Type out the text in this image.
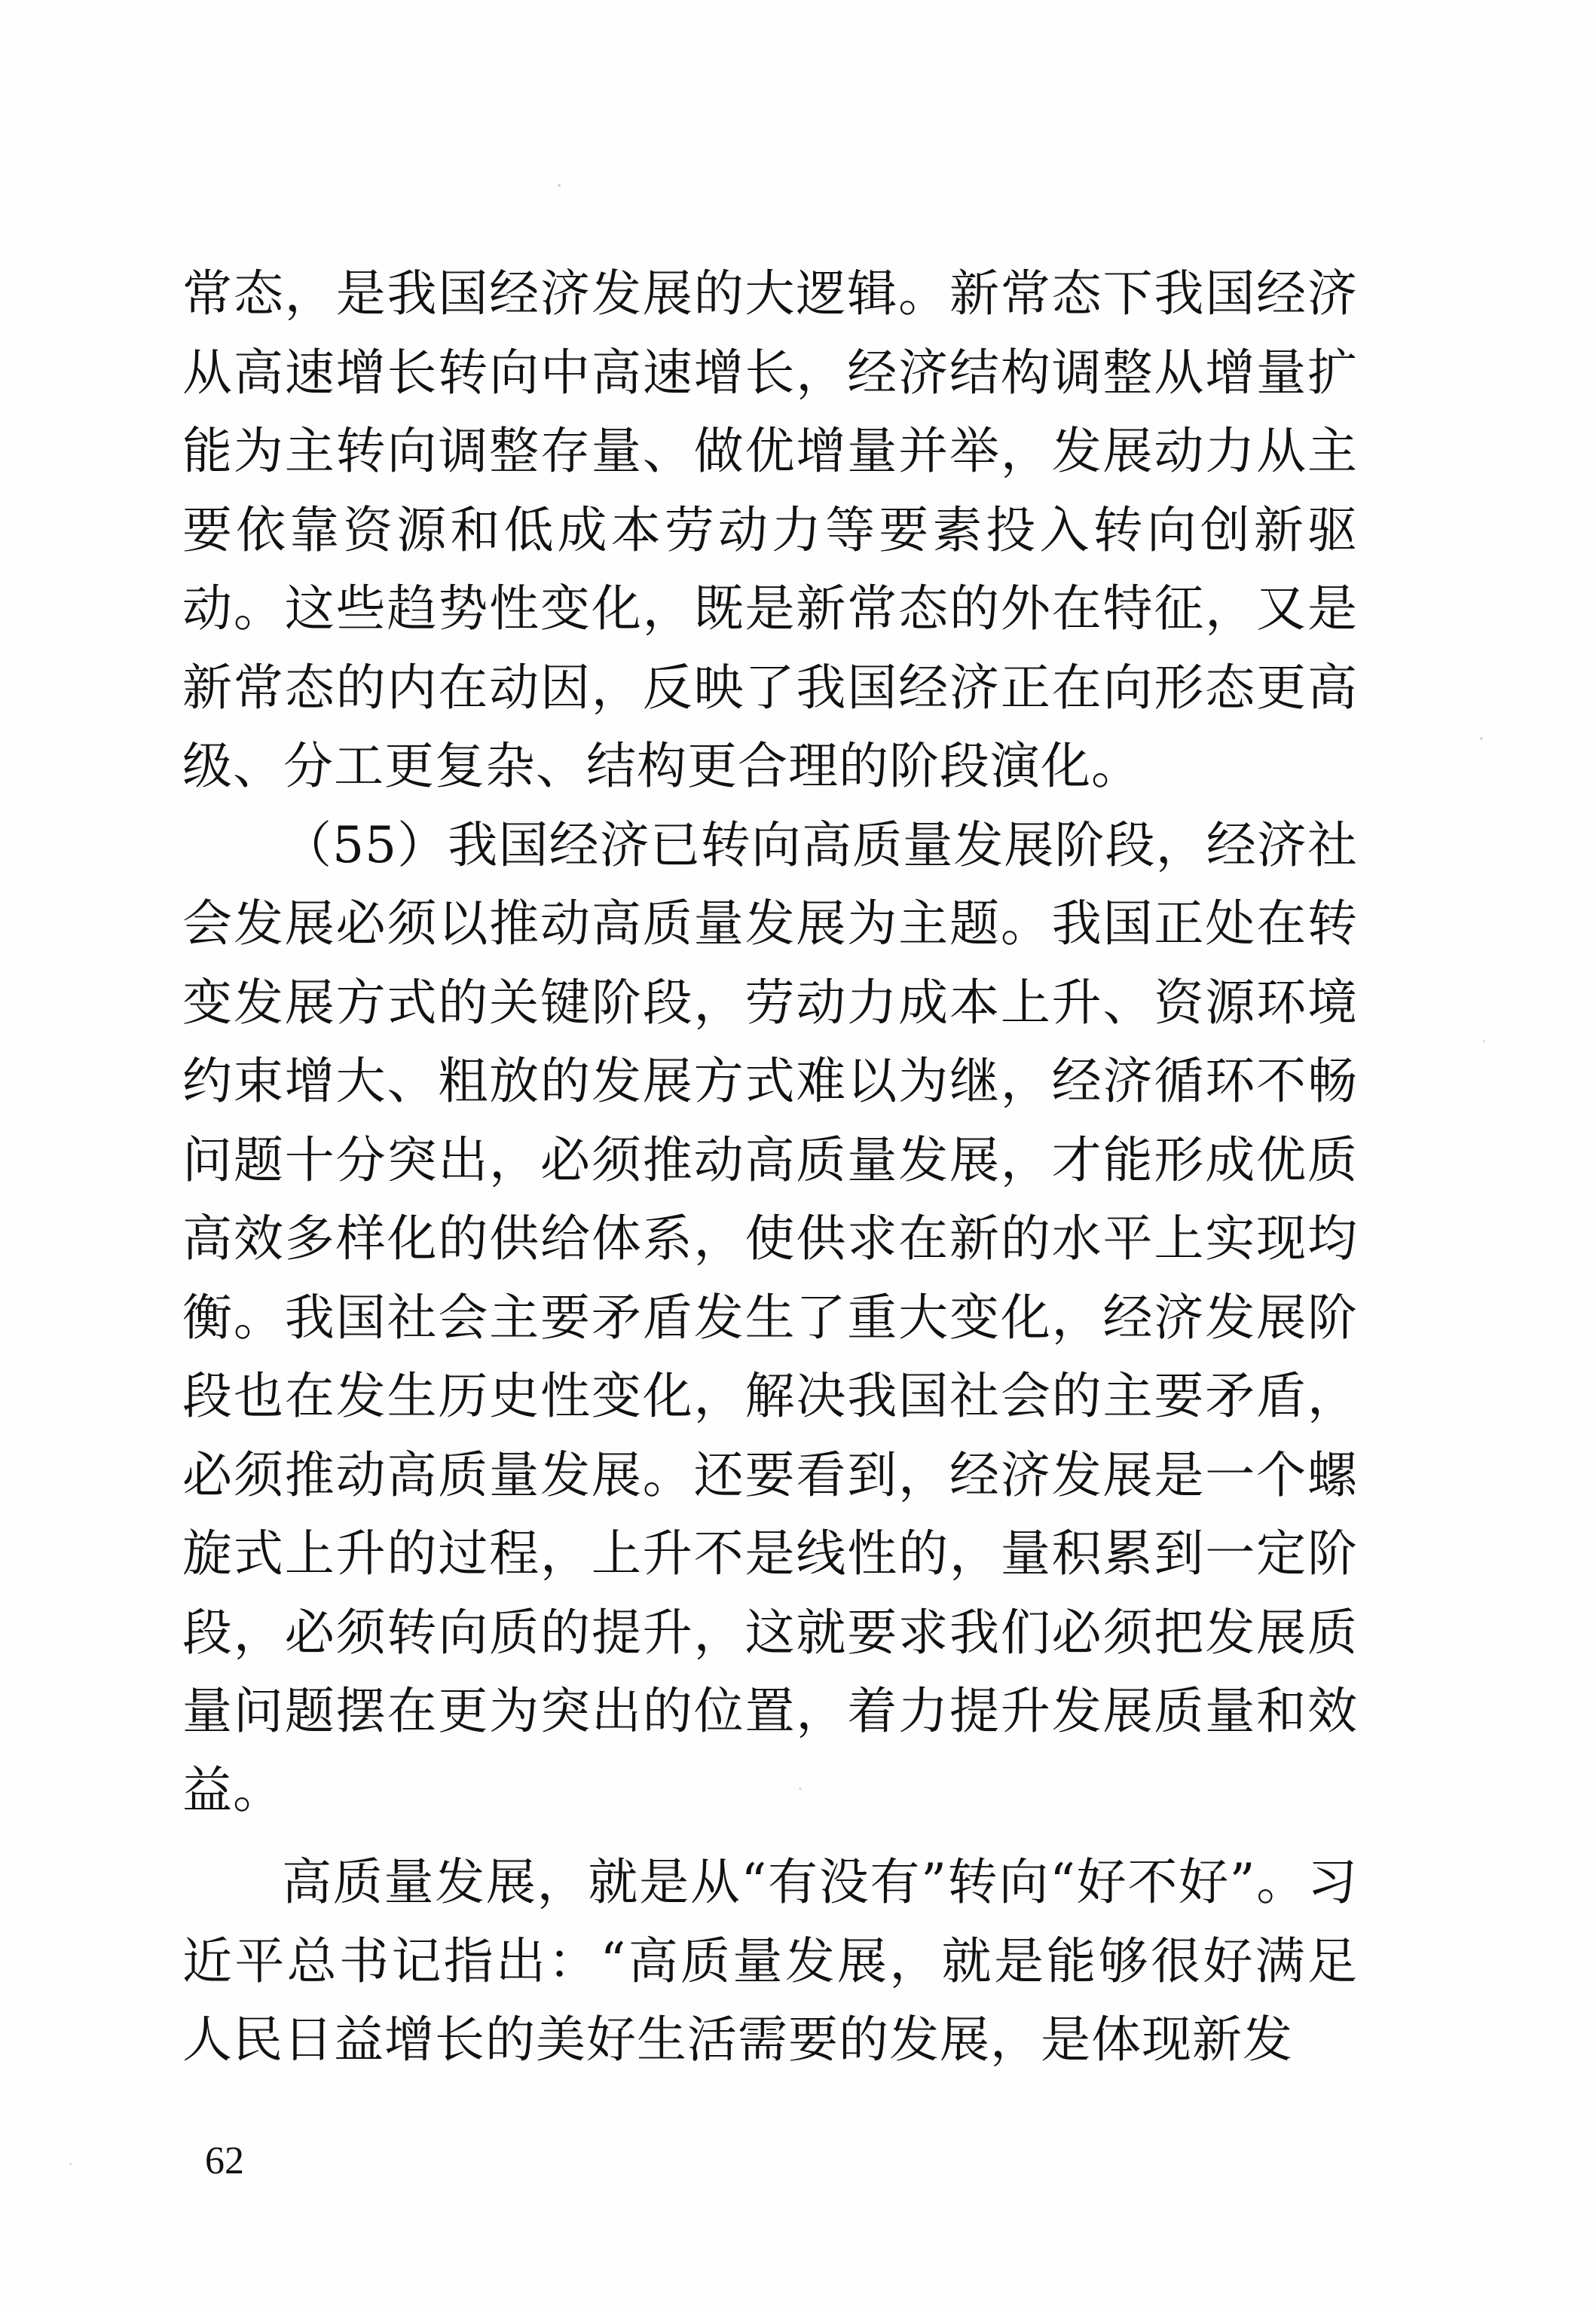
常态，是我国经济发展的大逻辑。新常态下我国经济从高速增长转向中高速增长，经济结构调整从增量扩能为主转向调整存量、做优增量并举，发展动力从主要依靠资源和低成本劳动力等要素投入转向创新驱动。这些趋势性变化，既是新常态的外在特征，又是新常态的内在动因，反映了我国经济正在向形态更高级、分工更复杂、结构更合理的阶段演化。

（55）我国经济已转向高质量发展阶段，经济社会发展必须以推动高质量发展为主题。我国正处在转变发展方式的关键阶段，劳动力成本上升、资源环境约束增大、粗放的发展方式难以为继，经济循环不畅问题十分突出，必须推动高质量发展，才能形成优质高效多样化的供给体系，使供求在新的水平上实现均衡。我国社会主要矛盾发生了重大变化，经济发展阶段也在发生历史性变化，解决我国社会的主要矛盾，必须推动高质量发展。还要看到，经济发展是一个螺旋式上升的过程，上升不是线性的，量积累到一定阶段，必须转向质的提升，这就要求我们必须把发展质量问题摆在更为突出的位置，着力提升发展质量和效益。

高质量发展，就是从“有没有”转向“好不好”。习近平总书记指出：“高质量发展，就是能够很好满足人民日益增长的美好生活需要的发展，是体现新发

62
